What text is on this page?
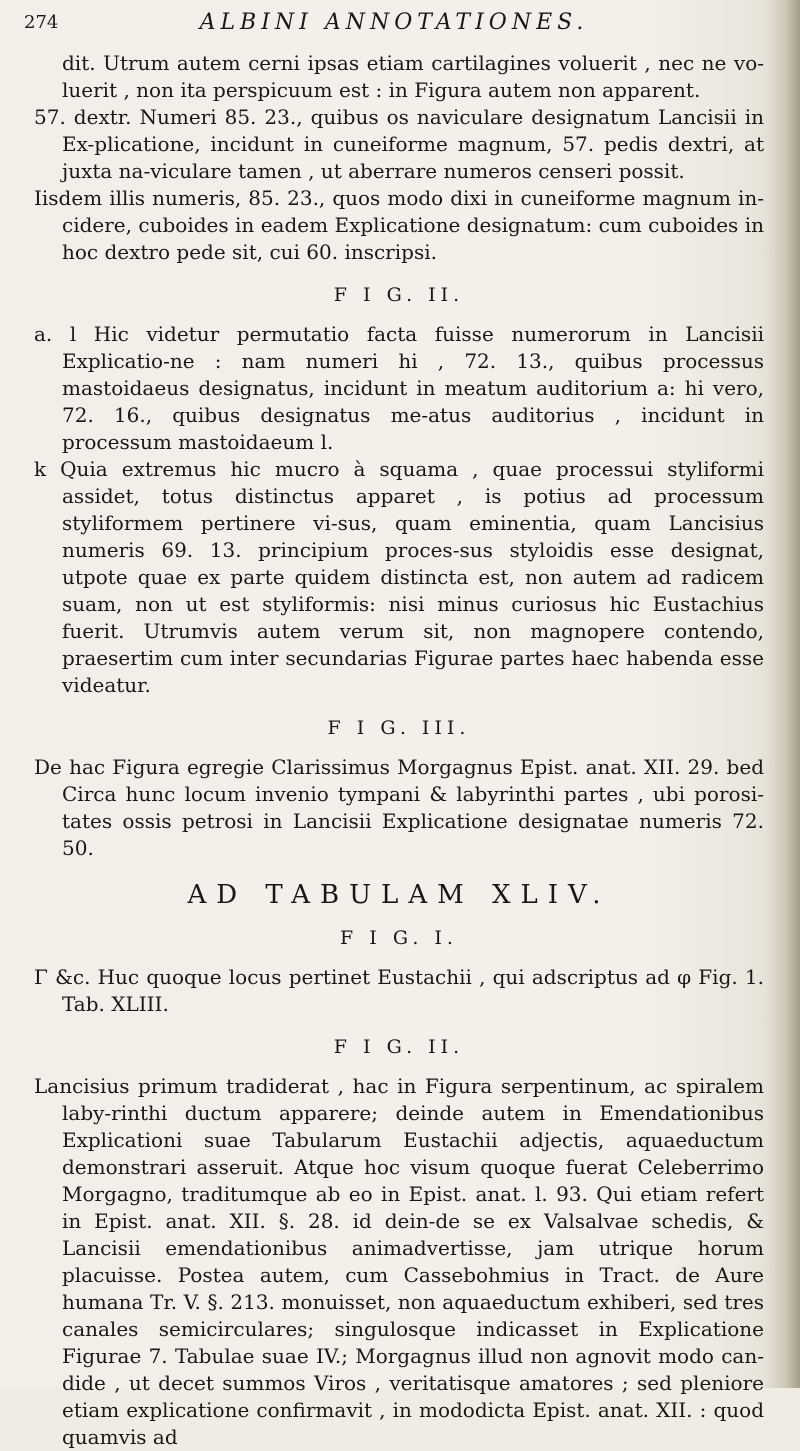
274	ALBINI ANNOTATIONES.

dit. Utrum autem cerni ipsas etiam cartilagines voluerit , nec ne vo-luerit , non ita perspicuum est : in Figura autem non apparent.

57. dextr. Numeri 85. 23., quibus os naviculare designatum Lancisii in Ex-plicatione, incidunt in cuneiforme magnum, 57. pedis dextri, at juxta na-viculare tamen , ut aberrare numeros censeri possit.

Iisdem illis numeris, 85. 23., quos modo dixi in cuneiforme magnum in-cidere, cuboides in eadem Explicatione designatum: cum cuboides in hoc dextro pede sit, cui 60. inscripsi.

F I G. II.

a. l Hic videtur permutatio facta fuisse numerorum in Lancisii Explicatio-ne : nam numeri hi , 72. 13., quibus processus mastoidaeus designatus, incidunt in meatum auditorium a: hi vero, 72. 16., quibus designatus me-atus auditorius , incidunt in processum mastoidaeum l.

k Quia extremus hic mucro à squama , quae processui styliformi assidet, totus distinctus apparet , is potius ad processum styliformem pertinere vi-sus, quam eminentia, quam Lancisius numeris 69. 13. principium proces-sus styloidis esse designat, utpote quae ex parte quidem distincta est, non autem ad radicem suam, non ut est styliformis: nisi minus curiosus hic Eustachius fuerit. Utrumvis autem verum sit, non magnopere contendo, praesertim cum inter secundarias Figurae partes haec habenda esse videatur.

F I G. III.

De hac Figura egregie Clarissimus Morgagnus Epist. anat. XII. 29. bed Circa hunc locum invenio tympani & labyrinthi partes , ubi porosi-tates ossis petrosi in Lancisii Explicatione designatae numeris 72. 50.

AD TABULAM XLIV.
F I G. I.

Γ &c. Huc quoque locus pertinet Eustachii , qui adscriptus ad φ Fig. 1. Tab. XLIII.

F I G. II.

Lancisius primum tradiderat , hac in Figura serpentinum, ac spiralem laby-rinthi ductum apparere; deinde autem in Emendationibus Explicationi suae Tabularum Eustachii adjectis, aquaeductum demonstrari asseruit. Atque hoc visum quoque fuerat Celeberrimo Morgagno, traditumque ab eo in Epist. anat. l. 93. Qui etiam refert in Epist. anat. XII. §. 28. id dein-de se ex Valsalvae schedis, & Lancisii emendationibus animadvertisse, jam utrique horum placuisse. Postea autem, cum Cassebohmius in Tract. de Aure humana Tr. V. §. 213. monuisset, non aquaeductum exhiberi, sed tres canales semicirculares; singulosque indicasset in Explicatione Figurae 7. Tabulae suae IV.; Morgagnus illud non agnovit modo can-dide , ut decet summos Viros , veritatisque amatores ; sed pleniore etiam explicatione confirmavit , in mododicta Epist. anat. XII. : quod quamvis ad
